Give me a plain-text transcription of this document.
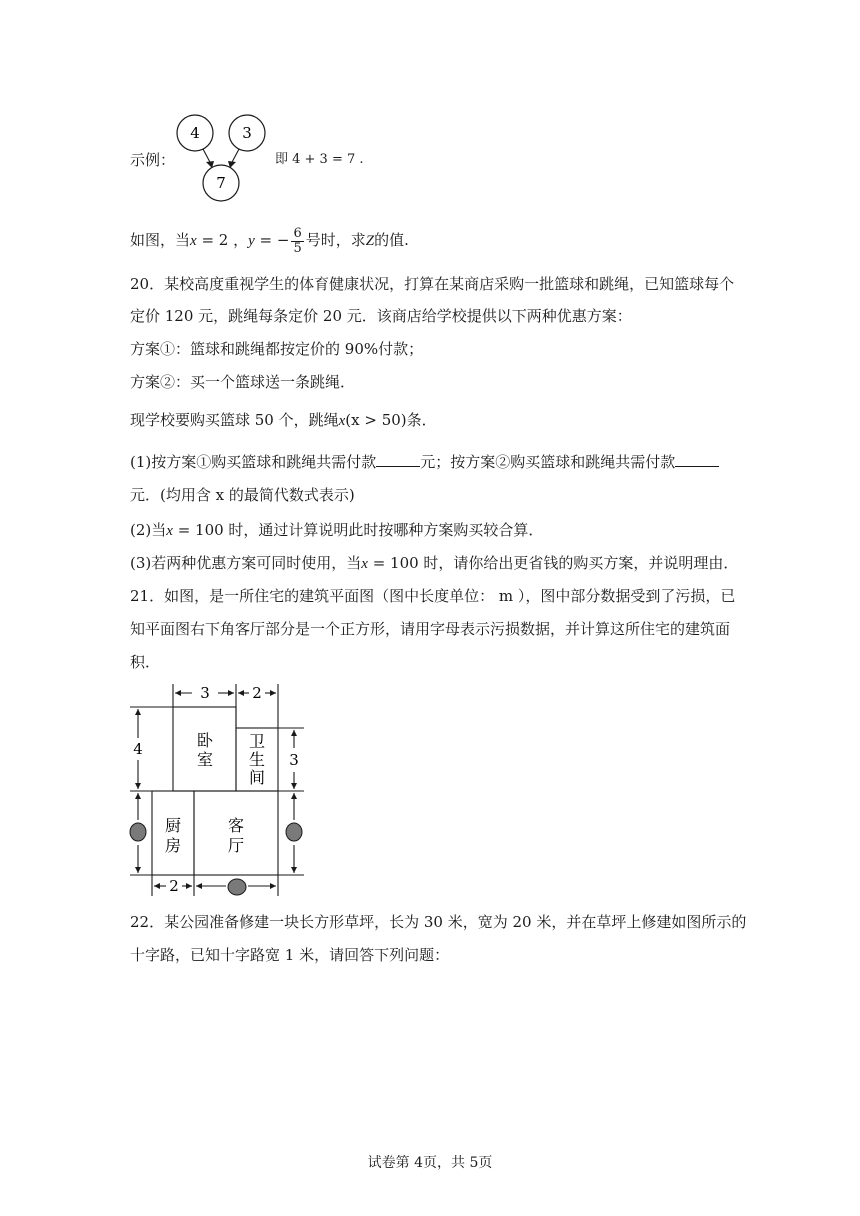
示例：
4	3
7
即 4 + 3 = 7 .
如图，当x = 2 ，y = − $\frac{6}{5}$ 号时，求Z的值.
20．某校高度重视学生的体育健康状况，打算在某商店采购一批篮球和跳绳，已知篮球每个
定价 120 元，跳绳每条定价 20 元．该商店给学校提供以下两种优惠方案：
方案①：篮球和跳绳都按定价的 90%付款；
方案②：买一个篮球送一条跳绳．
现学校要购买篮球 50 个，跳绳x(x > 50)条．
(1)按方案①购买篮球和跳绳共需付款	元；按方案②购买篮球和跳绳共需付款
元．(均用含 x 的最简代数式表示)
(2)当x = 100 时，通过计算说明此时按哪种方案购买较合算．
(3)若两种优惠方案可同时使用，当x = 100 时，请你给出更省钱的购买方案，并说明理由．
21．如图，是一所住宅的建筑平面图（图中长度单位： m ），图中部分数据受到了污损，已
知平面图右下角客厅部分是一个正方形，请用字母表示污损数据，并计算这所住宅的建筑面
积．
3	2
4
3
2
卧
室
卫
生
间
厨
房
客
厅
22．某公园准备修建一块长方形草坪，长为 30 米，宽为 20 米，并在草坪上修建如图所示的
十字路，已知十字路宽 1 米，请回答下列问题：
试卷第 4页，共 5页
